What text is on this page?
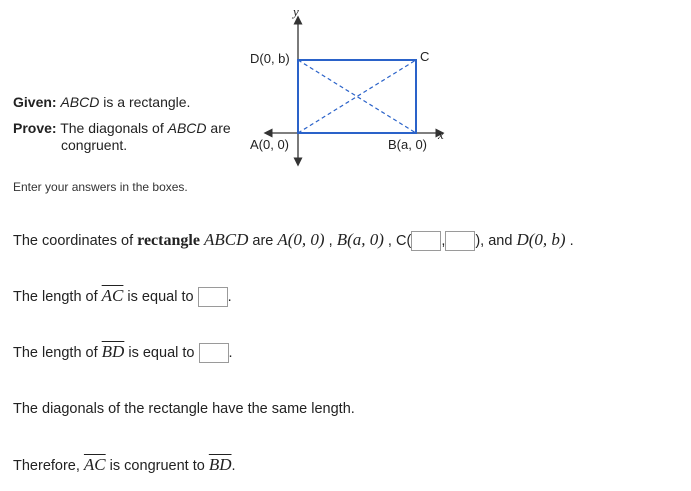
y
x
D(0, b)	C
A(0, 0)	B(a, 0)
Given: ABCD is a rectangle.
Prove: The diagonals of ABCD are
congruent.
Enter your answers in the boxes.
The coordinates of rectangle ABCD are A(0, 0) , B(a, 0) , C( , ), and D(0, b) .
The length of $\overline{AC}$ is equal to .
The length of $\overline{BD}$ is equal to .
The diagonals of the rectangle have the same length.
Therefore, $\overline{AC}$ is congruent to $\overline{BD}$.
